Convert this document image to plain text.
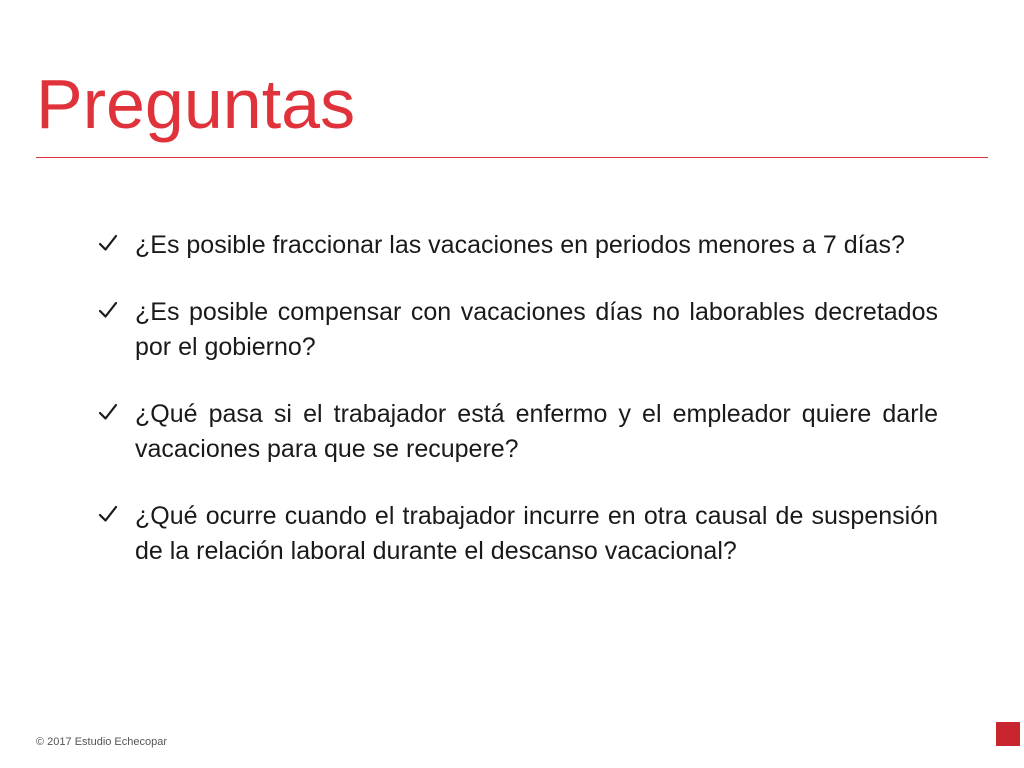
Preguntas
¿Es posible fraccionar las vacaciones en periodos menores a 7 días?
¿Es posible compensar con vacaciones días no laborables decretados por el gobierno?
¿Qué pasa si el trabajador está enfermo y el empleador quiere darle vacaciones para que se recupere?
¿Qué ocurre cuando el trabajador incurre en otra causal de suspensión de la relación laboral durante el descanso vacacional?
© 2017 Estudio Echecopar
